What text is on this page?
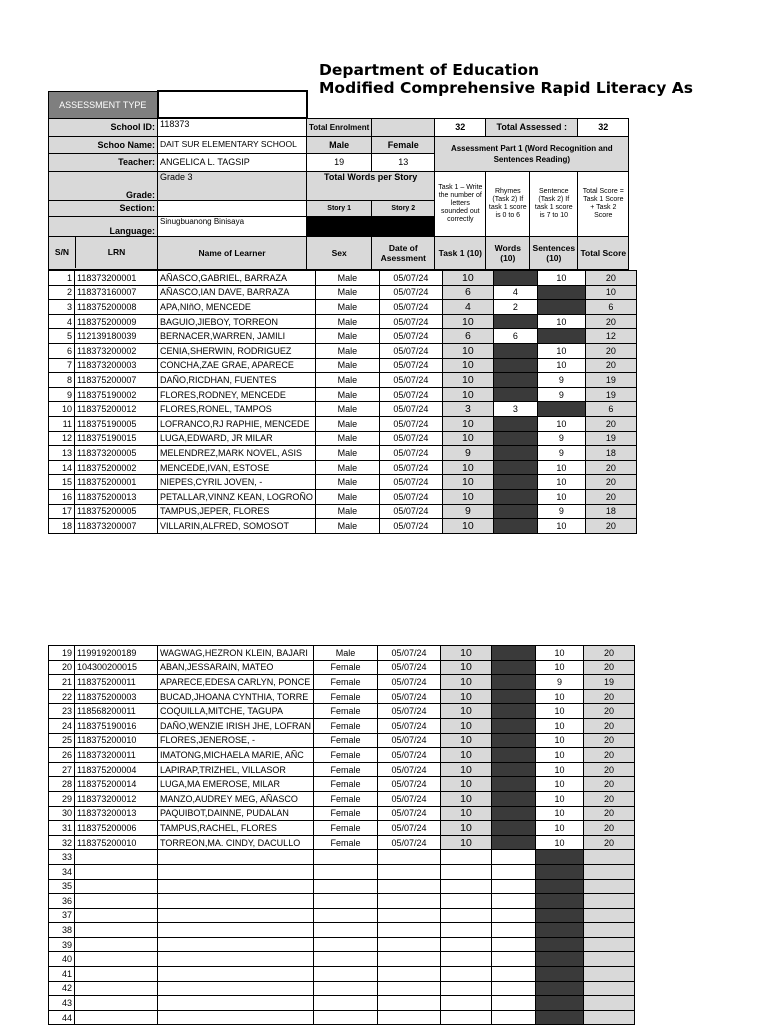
Department of Education
Modified Comprehensive Rapid Literacy As
ASSESSMENT TYPE							
School ID:	118373	Total Enrolment		32	Total Assessed :		32
Schoo Name:	DAIT SUR ELEMENTARY SCHOOL	Male	Female	Assessment Part 1 (Word Recognition and Sentences Reading)			
Teacher:	ANGELICA L. TAGSIP	19	13				
Grade:	Grade 3	Total Words per Story		Task 1 – Write the number of letters sounded out correctly	Rhymes (Task 2) If task 1 score is 0 to 6	Sentence (Task 2) If task 1 score is 7 to 10	Total Score = Task 1 Score + Task 2 Score
Section:		Story 1	Story 2				
Language:	Sinugbuanong Binisaya						

S/N LRN	Name of Learner	Sex	Date of Asessment	Task 1 (10)	Words (10)	Sentences (10)	Total Score
1	118373200001	AÑASCO,GABRIEL, BARRAZA	Male	05/07/24	10		10	20
2	118373160007	AÑASCO,IAN DAVE, BARRAZA	Male	05/07/24	6	4		10
3	118375200008	APA,NIñO, MENCEDE	Male	05/07/24	4	2		6
4	118375200009	BAGUIO,JIEBOY, TORREON	Male	05/07/24	10		10	20
5	112139180039	BERNACER,WARREN, JAMILI	Male	05/07/24	6	6		12
6	118373200002	CENIA,SHERWIN, RODRIGUEZ	Male	05/07/24	10		10	20
7	118373200003	CONCHA,ZAE GRAE, APARECE	Male	05/07/24	10		10	20
8	118375200007	DAÑO,RICDHAN, FUENTES	Male	05/07/24	10		9	19
9	118375190002	FLORES,RODNEY, MENCEDE	Male	05/07/24	10		9	19
10	118375200012	FLORES,RONEL, TAMPOS	Male	05/07/24	3	3		6
11	118375190005	LOFRANCO,RJ RAPHIE, MENCEDE	Male	05/07/24	10		10	20
12	118375190015	LUGA,EDWARD, JR MILAR	Male	05/07/24	10		9	19
13	118373200005	MELENDREZ,MARK NOVEL, ASIS	Male	05/07/24	9		9	18
14	118375200002	MENCEDE,IVAN, ESTOSE	Male	05/07/24	10		10	20
15	118375200001	NIEPES,CYRIL JOVEN, -	Male	05/07/24	10		10	20
16	118375200013	PETALLAR,VINNZ KEAN, LOGROÑO	Male	05/07/24	10		10	20
17	118375200005	TAMPUS,JEPER, FLORES	Male	05/07/24	9		9	18
18	118373200007	VILLARIN,ALFRED, SOMOSOT	Male	05/07/24	10		10	20
19	119919200189	WAGWAG,HEZRON KLEIN, BAJARI	Male	05/07/24	10		10	20
20	104300200015	ABAN,JESSARAIN, MATEO	Female	05/07/24	10		10	20
21	118375200011	APARECE,EDESA CARLYN, PONCE	Female	05/07/24	10		9	19
22	118375200003	BUCAD,JHOANA CYNTHIA, TORRE	Female	05/07/24	10		10	20
23	118568200011	COQUILLA,MITCHE, TAGUPA	Female	05/07/24	10		10	20
24	118375190016	DAÑO,WENZIE IRISH JHE, LOFRAN	Female	05/07/24	10		10	20
25	118375200010	FLORES,JENEROSE, -	Female	05/07/24	10		10	20
26	118373200011	IMATONG,MICHAELA MARIE, AÑC	Female	05/07/24	10		10	20
27	118375200004	LAPIRAP,TRIZHEL, VILLASOR	Female	05/07/24	10		10	20
28	118375200014	LUGA,MA EMEROSE, MILAR	Female	05/07/24	10		10	20
29	118373200012	MANZO,AUDREY MEG, AÑASCO	Female	05/07/24	10		10	20
30	118373200013	PAQUIBOT,DAINNE, PUDALAN	Female	05/07/24	10		10	20
31	118375200006	TAMPUS,RACHEL, FLORES	Female	05/07/24	10		10	20
32	118375200010	TORREON,MA. CINDY, DACULLO	Female	05/07/24	10		10	20
33								
34								
35								
36								
37								
38								
39								
40								
41								
42								
43								
44								
